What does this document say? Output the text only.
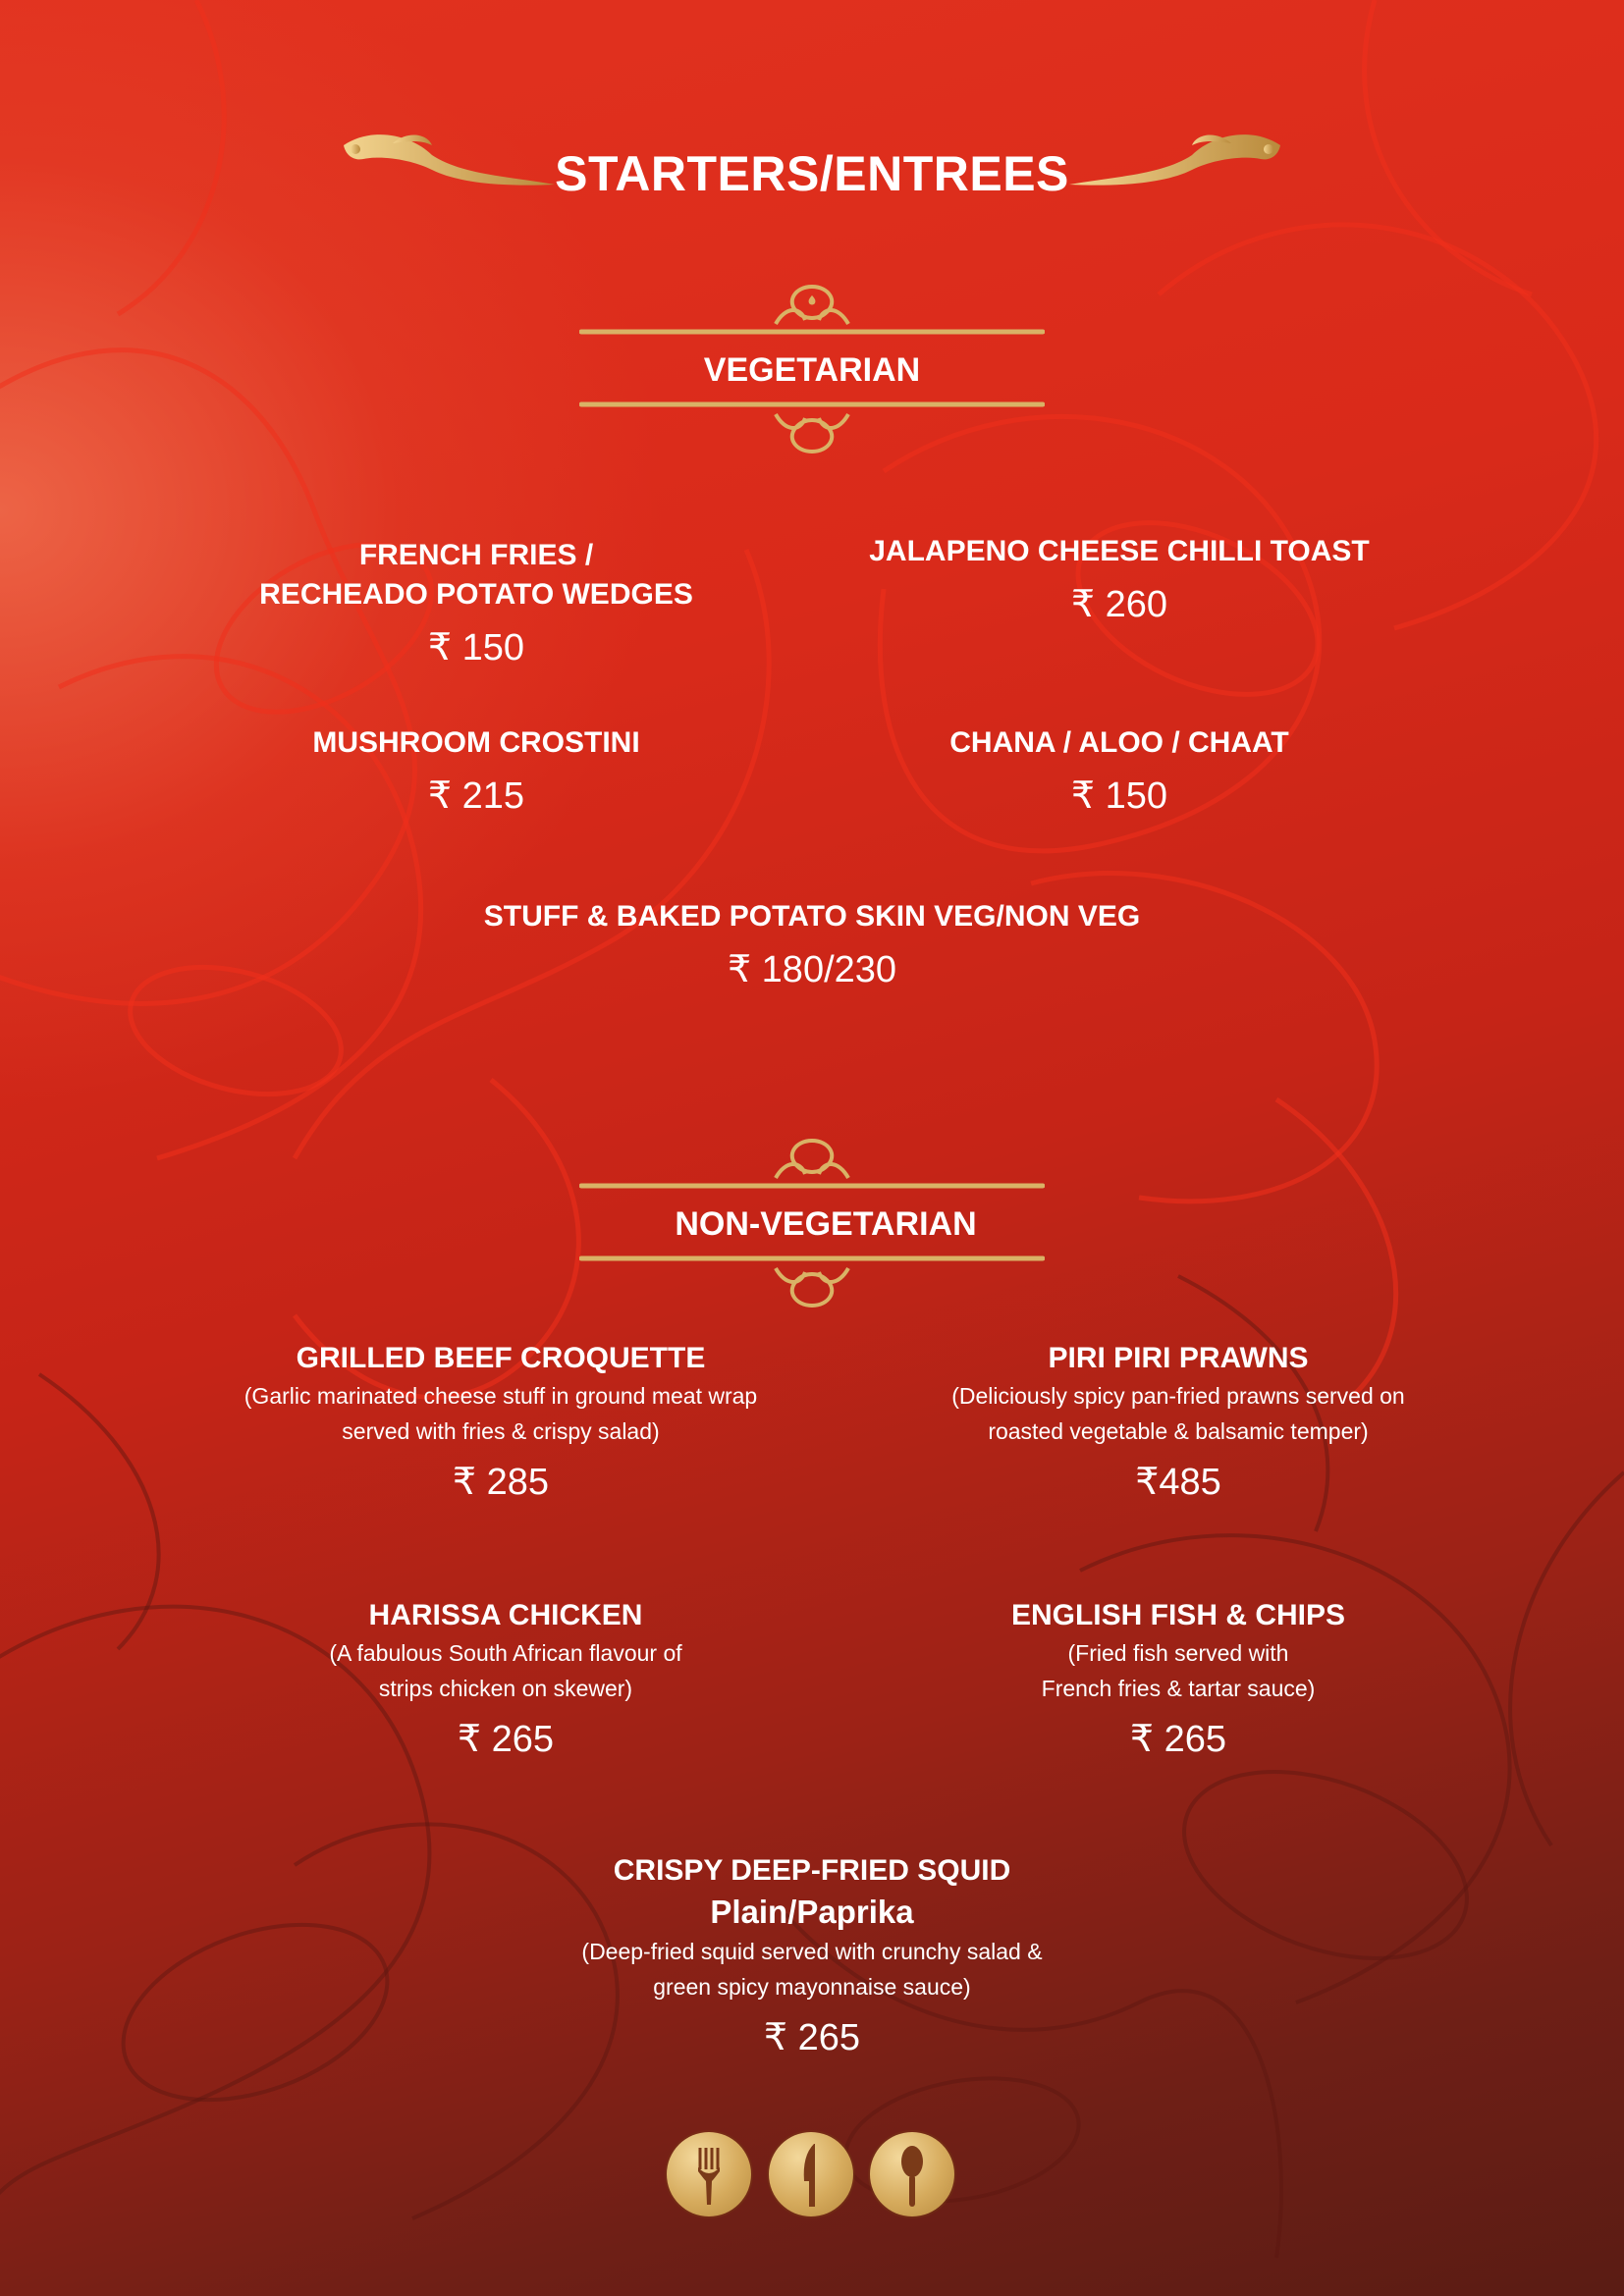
STARTERS/ENTREES
VEGETARIAN
FRENCH FRIES /
RECHEADO POTATO WEDGES
₹ 150
JALAPENO CHEESE CHILLI TOAST
₹ 260
MUSHROOM CROSTINI
₹ 215
CHANA / ALOO / CHAAT
₹ 150
STUFF & BAKED POTATO SKIN VEG/NON VEG
₹ 180/230
NON-VEGETARIAN
GRILLED BEEF CROQUETTE
(Garlic marinated cheese stuff in ground meat wrap
served with fries & crispy salad)
₹ 285
PIRI PIRI PRAWNS
(Deliciously spicy pan-fried prawns served on
roasted vegetable & balsamic temper)
₹485
HARISSA CHICKEN
(A fabulous South African flavour of
strips chicken on skewer)
₹ 265
ENGLISH FISH & CHIPS
(Fried fish served with
French fries & tartar sauce)
₹ 265
CRISPY DEEP-FRIED SQUID
Plain/Paprika
(Deep-fried squid served with crunchy salad &
green spicy mayonnaise sauce)
₹ 265
